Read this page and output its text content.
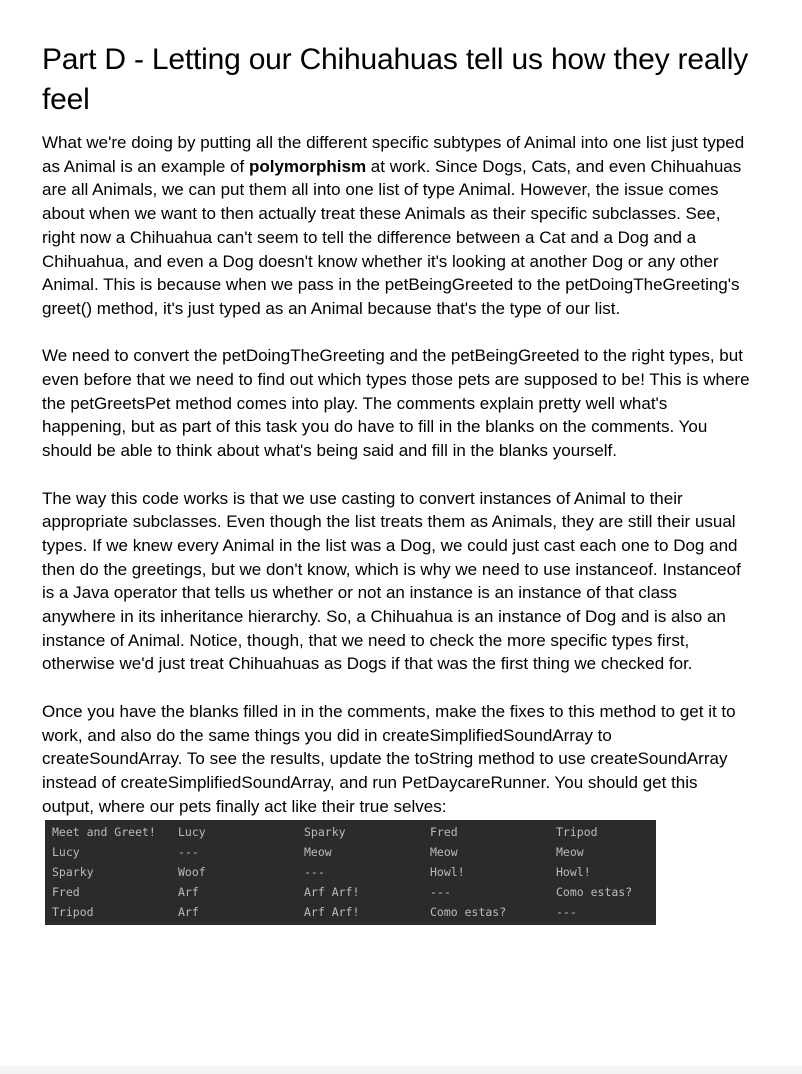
Part D - Letting our Chihuahuas tell us how they really feel

What we're doing by putting all the different specific subtypes of Animal into one list just typed as Animal is an example of polymorphism at work. Since Dogs, Cats, and even Chihuahuas are all Animals, we can put them all into one list of type Animal. However, the issue comes about when we want to then actually treat these Animals as their specific subclasses. See, right now a Chihuahua can't seem to tell the difference between a Cat and a Dog and a Chihuahua, and even a Dog doesn't know whether it's looking at another Dog or any other Animal. This is because when we pass in the petBeingGreeted to the petDoingTheGreeting's greet() method, it's just typed as an Animal because that's the type of our list.

We need to convert the petDoingTheGreeting and the petBeingGreeted to the right types, but even before that we need to find out which types those pets are supposed to be! This is where the petGreetsPet method comes into play. The comments explain pretty well what's happening, but as part of this task you do have to fill in the blanks on the comments. You should be able to think about what's being said and fill in the blanks yourself.

The way this code works is that we use casting to convert instances of Animal to their appropriate subclasses. Even though the list treats them as Animals, they are still their usual types. If we knew every Animal in the list was a Dog, we could just cast each one to Dog and then do the greetings, but we don't know, which is why we need to use instanceof. Instanceof is a Java operator that tells us whether or not an instance is an instance of that class anywhere in its inheritance hierarchy. So, a Chihuahua is an instance of Dog and is also an instance of Animal. Notice, though, that we need to check the more specific types first, otherwise we'd just treat Chihuahuas as Dogs if that was the first thing we checked for.

Once you have the blanks filled in in the comments, make the fixes to this method to get it to work, and also do the same things you did in createSimplifiedSoundArray to createSoundArray. To see the results, update the toString method to use createSoundArray instead of createSimplifiedSoundArray, and run PetDaycareRunner. You should get this output, where our pets finally act like their true selves:

Meet and Greet!	Lucy	Sparky	Fred	Tripod
Lucy	---	Meow	Meow	Meow
Sparky	Woof	---	Howl!	Howl!
Fred	Arf	Arf Arf!	---	Como estas?
Tripod	Arf	Arf Arf!	Como estas?	---
